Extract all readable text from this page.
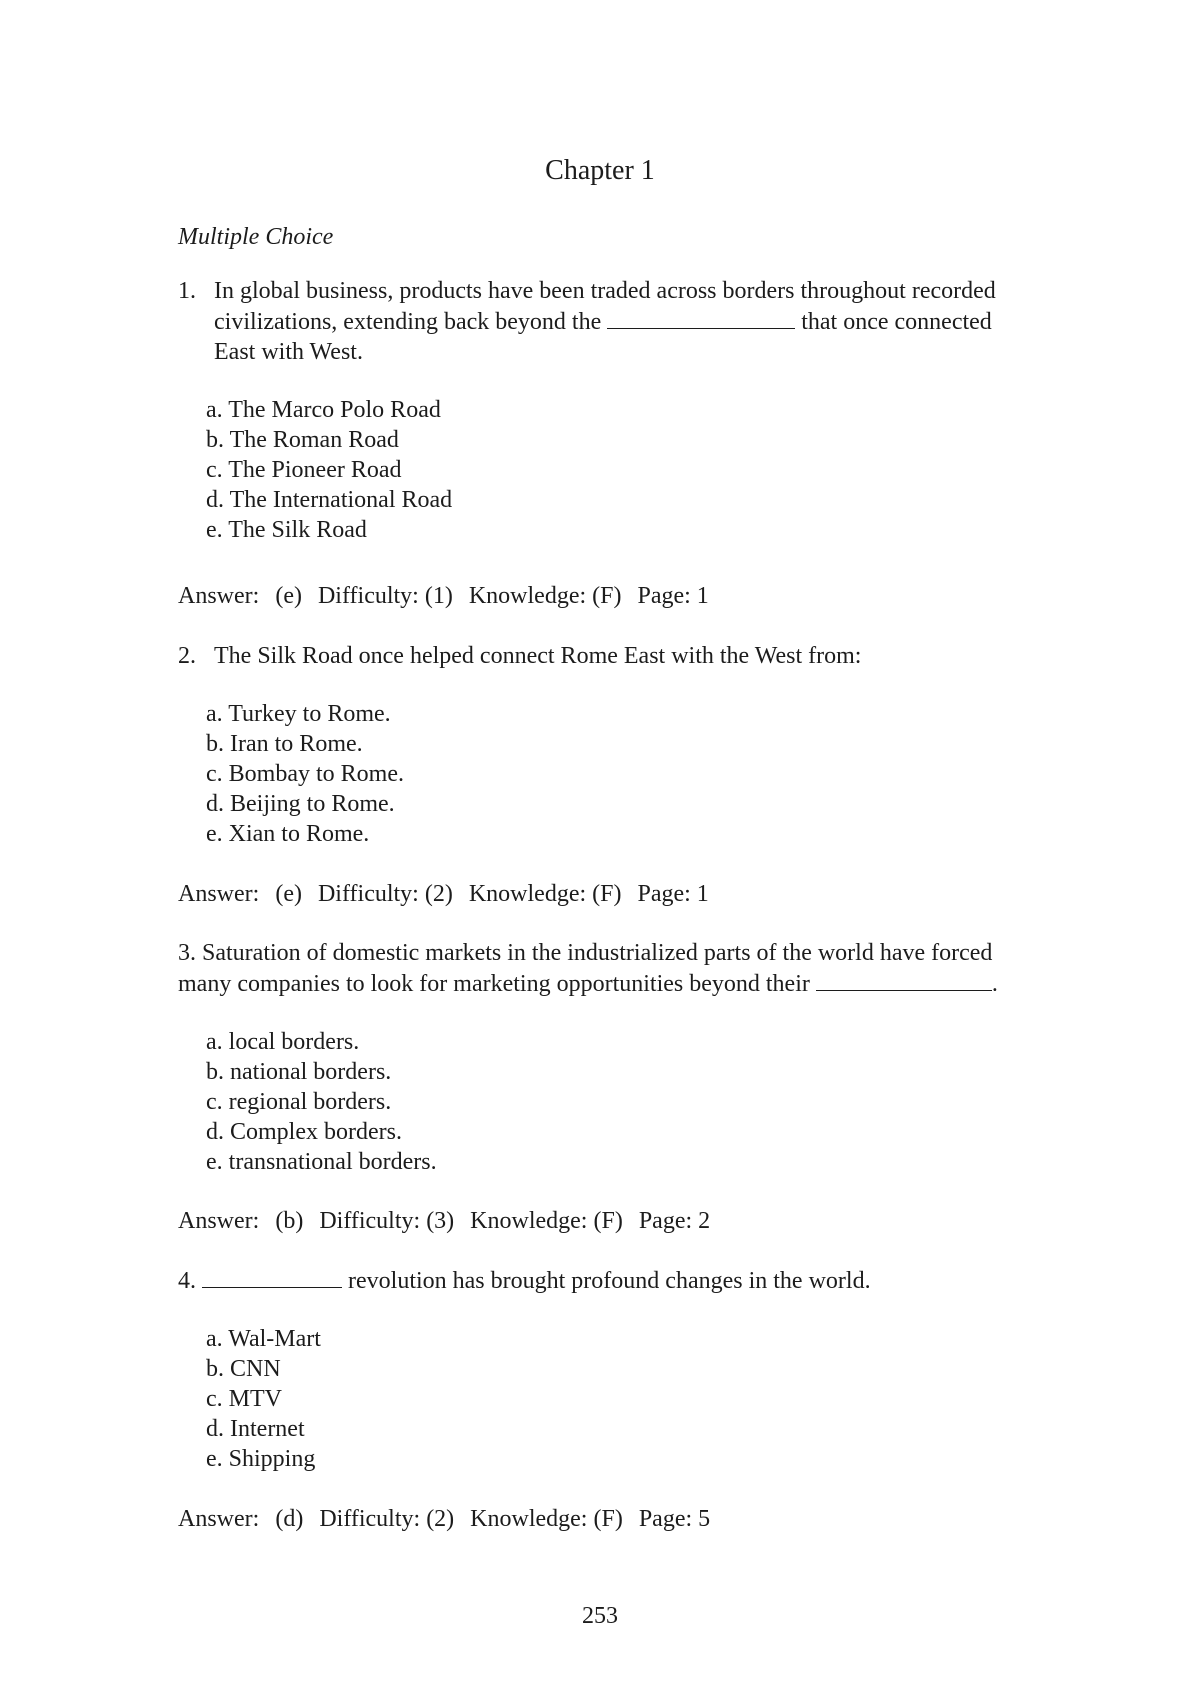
Chapter 1
Multiple Choice
1. In global business, products have been traded across borders throughout recorded civilizations, extending back beyond the	that once connected East with West.
a. The Marco Polo Road
b. The Roman Road
c. The Pioneer Road
d. The International Road
e. The Silk Road
Answer: (e) Difficulty: (1) Knowledge: (F) Page: 1
2. The Silk Road once helped connect Rome East with the West from:
a. Turkey to Rome.
b. Iran to Rome.
c. Bombay to Rome.
d. Beijing to Rome.
e. Xian to Rome.
Answer: (e) Difficulty: (2) Knowledge: (F) Page: 1
3. Saturation of domestic markets in the industrialized parts of the world have forced many companies to look for marketing opportunities beyond their	.
a. local borders.
b. national borders.
c. regional borders.
d. Complex borders.
e. transnational borders.
Answer: (b) Difficulty: (3) Knowledge: (F) Page: 2
4.	revolution has brought profound changes in the world.
a. Wal-Mart
b. CNN
c. MTV
d. Internet
e. Shipping
Answer: (d) Difficulty: (2) Knowledge: (F) Page: 5
253
